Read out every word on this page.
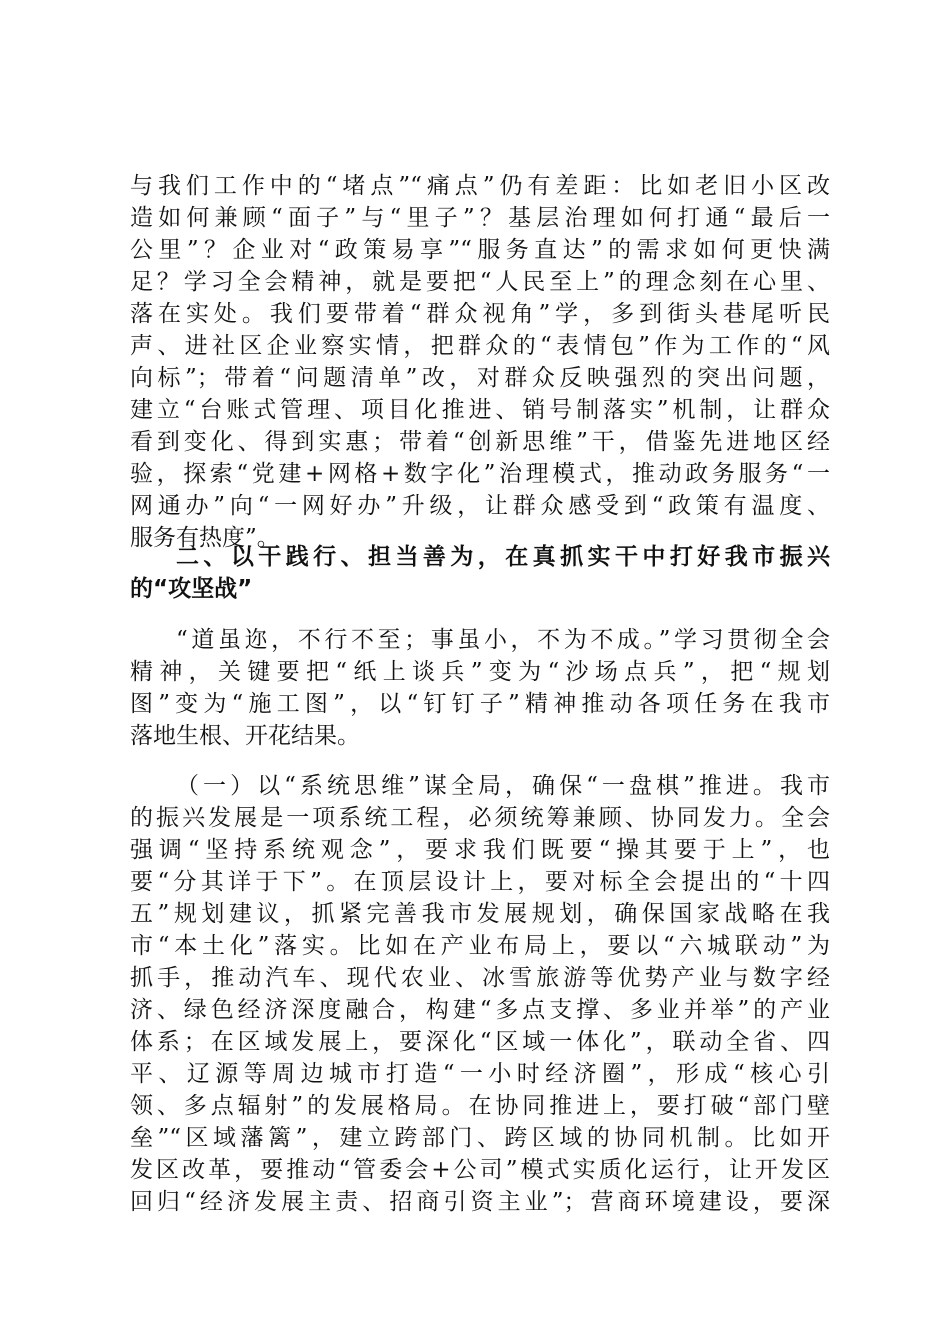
与我们工作中的“堵点”“痛点”仍有差距：比如老旧小区改
造如何兼顾“面子”与“里子”？基层治理如何打通“最后一
公里”？企业对“政策易享”“服务直达”的需求如何更快满
足？学习全会精神，就是要把“人民至上”的理念刻在心里、
落在实处。我们要带着“群众视角”学，多到街头巷尾听民
声、进社区企业察实情，把群众的“表情包”作为工作的“风
向标”；带着“问题清单”改，对群众反映强烈的突出问题，
建立“台账式管理、项目化推进、销号制落实”机制，让群众
看到变化、得到实惠；带着“创新思维”干，借鉴先进地区经
验，探索“党建+网格+数字化”治理模式，推动政务服务“一
网通办”向“一网好办”升级，让群众感受到“政策有温度、
服务有热度”。
二、以干践行、担当善为，在真抓实干中打好我市振兴
的“攻坚战”
“道虽迩，不行不至；事虽小，不为不成。”学习贯彻全会
精神，关键要把“纸上谈兵”变为“沙场点兵”，把“规划
图”变为“施工图”，以“钉钉子”精神推动各项任务在我市
落地生根、开花结果。
（一）以“系统思维”谋全局，确保“一盘棋”推进。我市
的振兴发展是一项系统工程，必须统筹兼顾、协同发力。全会
强调“坚持系统观念”，要求我们既要“操其要于上”，也
要“分其详于下”。在顶层设计上，要对标全会提出的“十四
五”规划建议，抓紧完善我市发展规划，确保国家战略在我
市“本土化”落实。比如在产业布局上，要以“六城联动”为
抓手，推动汽车、现代农业、冰雪旅游等优势产业与数字经
济、绿色经济深度融合，构建“多点支撑、多业并举”的产业
体系；在区域发展上，要深化“区域一体化”，联动全省、四
平、辽源等周边城市打造“一小时经济圈”，形成“核心引
领、多点辐射”的发展格局。在协同推进上，要打破“部门壁
垒”“区域藩篱”，建立跨部门、跨区域的协同机制。比如开
发区改革，要推动“管委会+公司”模式实质化运行，让开发区
回归“经济发展主责、招商引资主业”；营商环境建设，要深
